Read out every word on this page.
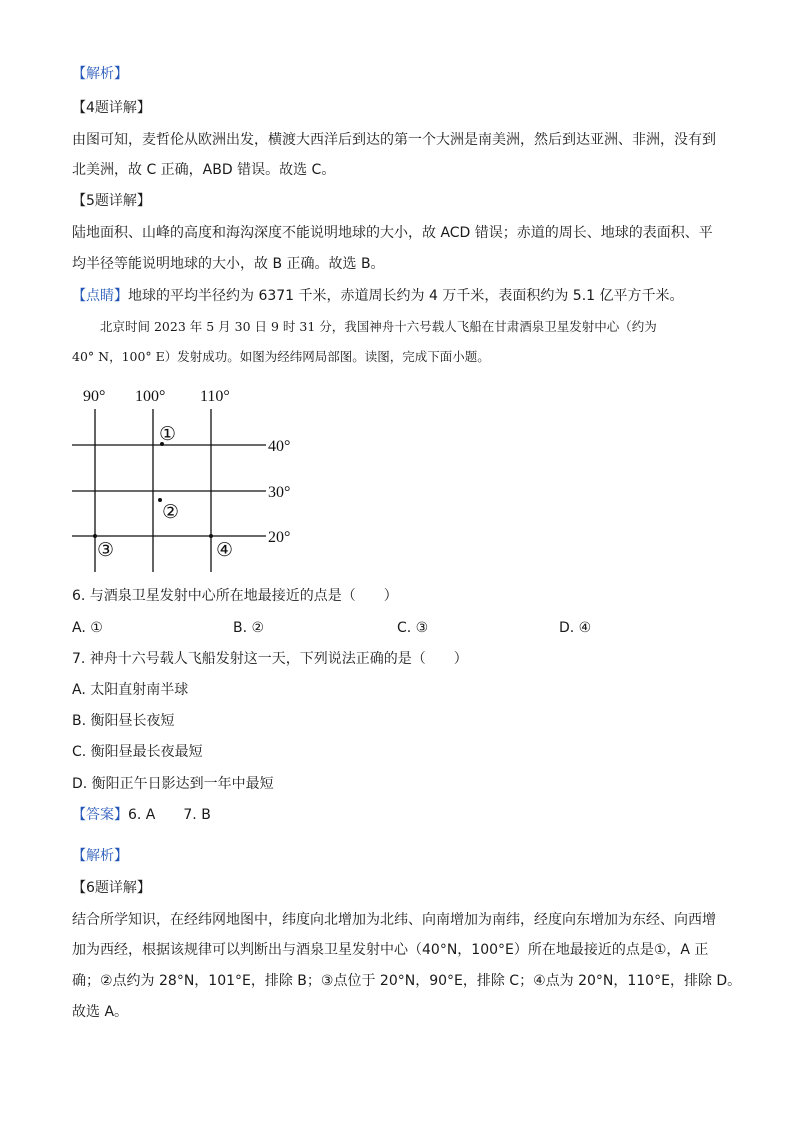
【解析】
【4题详解】
由图可知，麦哲伦从欧洲出发，横渡大西洋后到达的第一个大洲是南美洲，然后到达亚洲、非洲，没有到
北美洲，故 C 正确，ABD 错误。故选 C。
【5题详解】
陆地面积、山峰的高度和海沟深度不能说明地球的大小，故 ACD 错误；赤道的周长、地球的表面积、平
均半径等能说明地球的大小，故 B 正确。故选 B。
【点睛】地球的平均半径约为 6371 千米，赤道周长约为 4 万千米，表面积约为 5.1 亿平方千米。
北京时间 2023 年 5 月 30 日 9 时 31 分，我国神舟十六号载人飞船在甘肃酒泉卫星发射中心（约为
40° N，100° E）发射成功。如图为经纬网局部图。读图，完成下面小题。
90° 100° 110°
40°
30°
20°
①
②
③	④
6. 与酒泉卫星发射中心所在地最接近的点是（　　）
A. ①	B. ②	C. ③	D. ④
7. 神舟十六号载人飞船发射这一天，下列说法正确的是（　　）
A. 太阳直射南半球
B. 衡阳昼长夜短
C. 衡阳昼最长夜最短
D. 衡阳正午日影达到一年中最短
【答案】6. A　　7. B
【解析】
【6题详解】
结合所学知识，在经纬网地图中，纬度向北增加为北纬、向南增加为南纬，经度向东增加为东经、向西增
加为西经，根据该规律可以判断出与酒泉卫星发射中心（40°N，100°E）所在地最接近的点是①，A 正
确；②点约为 28°N，101°E，排除 B；③点位于 20°N，90°E，排除 C；④点为 20°N，110°E，排除 D。
故选 A。
